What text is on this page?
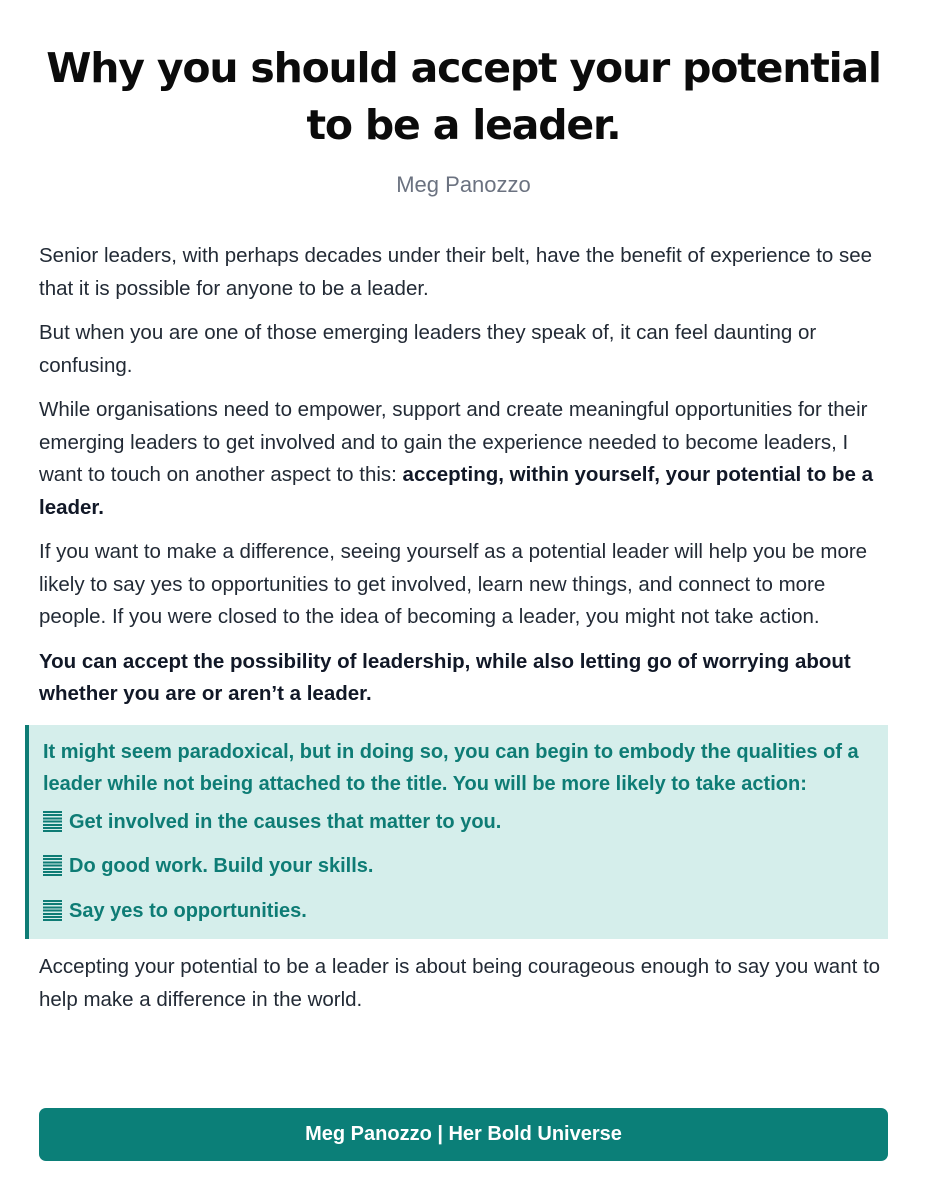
Why you should accept your potential to be a leader.
Meg Panozzo

Senior leaders, with perhaps decades under their belt, have the benefit of experience to see that it is possible for anyone to be a leader.

But when you are one of those emerging leaders they speak of, it can feel daunting or confusing.

While organisations need to empower, support and create meaningful opportunities for their emerging leaders to get involved and to gain the experience needed to become leaders, I want to touch on another aspect to this: accepting, within yourself, your potential to be a leader.

If you want to make a difference, seeing yourself as a potential leader will help you be more likely to say yes to opportunities to get involved, learn new things, and connect to more people. If you were closed to the idea of becoming a leader, you might not take action.

You can accept the possibility of leadership, while also letting go of worrying about whether you are or aren’t a leader.

It might seem paradoxical, but in doing so, you can begin to embody the qualities of a leader while not being attached to the title. You will be more likely to take action:

Get involved in the causes that matter to you.
Do good work. Build your skills.
Say yes to opportunities.

Accepting your potential to be a leader is about being courageous enough to say you want to help make a difference in the world.

Meg Panozzo | Her Bold Universe
